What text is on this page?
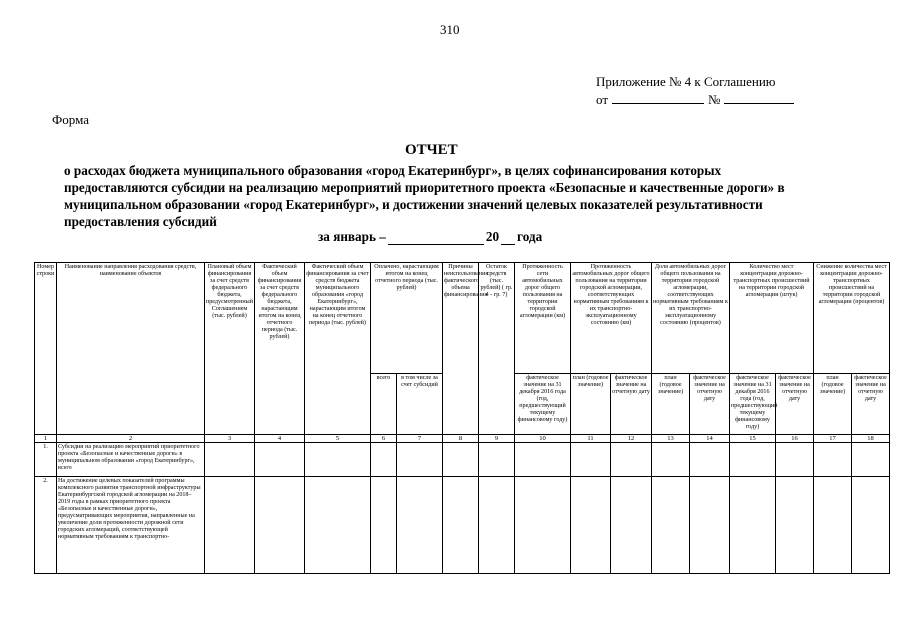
310
Приложение № 4 к Соглашению
от	№
Форма
ОТЧЕТ
о расходах бюджета муниципального образования «город Екатеринбург», в целях софинансирования которых предоставляются субсидии на реализацию мероприятий приоритетного проекта «Безопасные и качественные дороги» в муниципальном образовании «город Екатеринбург», и достижении значений целевых показателей результативности предоставления субсидий
за январь –	20 года
Номер строки	Наименование направления расходования средств, наименование объектов	Плановый объем финансирования за счет средств федерального бюджета, предусмотренный Соглашением (тыс. рублей)	Фактический объем финансирования за счет средств федерального бюджета, нарастающим итогом на конец отчетного периода (тыс. рублей)	Фактический объем финансирования за счет средств бюджета муниципального образования «город Екатеринбург», нарастающим итогом на конец отчетного периода (тыс. рублей)	Оплачено, нарастающим итогом на конец отчетного периода (тыс. рублей)		Причины неиспользования фактического объема финансирования	Остаток средств (тыс. рублей) ( гр. 4 - гр. 7)	Протяженность сети автомобильных дорог общего пользования на территории городской агломерации (км)	Протяженность автомобильных дорог общего пользования на территории городской агломерации, соответствующих нормативным требованиям к их транспортно-эксплуатационному состоянию (км)		Доля автомобильных дорог общего пользования на территории городской агломерации, соответствующих нормативным требованиям к их транспортно-эксплуатационному состоянию (процентов)		Количество мест концентрации дорожно-транспортных происшествий на территории городской агломерации (штук)		Снижение количества мест концентрации дорожно-транспортных происшествий на территории городской агломерации (процентов)	
					всего	в том числе за счет субсидий			фактическое значение на 31 декабря 2016 года (год, предшествующий текущему финансовому году)	план (годовое значение)	фактическое значение на отчетную дату	план (годовое значение)	фактическое значение на отчетную дату	фактическое значение на 31 декабря 2016 года (год, предшествующий текущему финансовому году)	фактическое значение на отчетную дату	план (годовое значение)	фактическое значение на отчетную дату
1	2	3	4	5	6	7	8	9	10	11	12	13	14	15	16	17	18
1.	Субсидии на реализацию мероприятий приоритетного проекта «Безопасные и качественные дороги» в муниципальном образовании «город Екатеринбург», всего																
2.	На достижение целевых показателей программы комплексного развития транспортной инфраструктуры Екатеринбургской городской агломерации на 2018–2019 годы в рамках приоритетного проекта «Безопасные и качественные дороги», предусматривающих мероприятия, направленные на увеличение доли протяженности дорожной сети городских агломераций, соответствующей нормативным требованиям к транспортно-																
